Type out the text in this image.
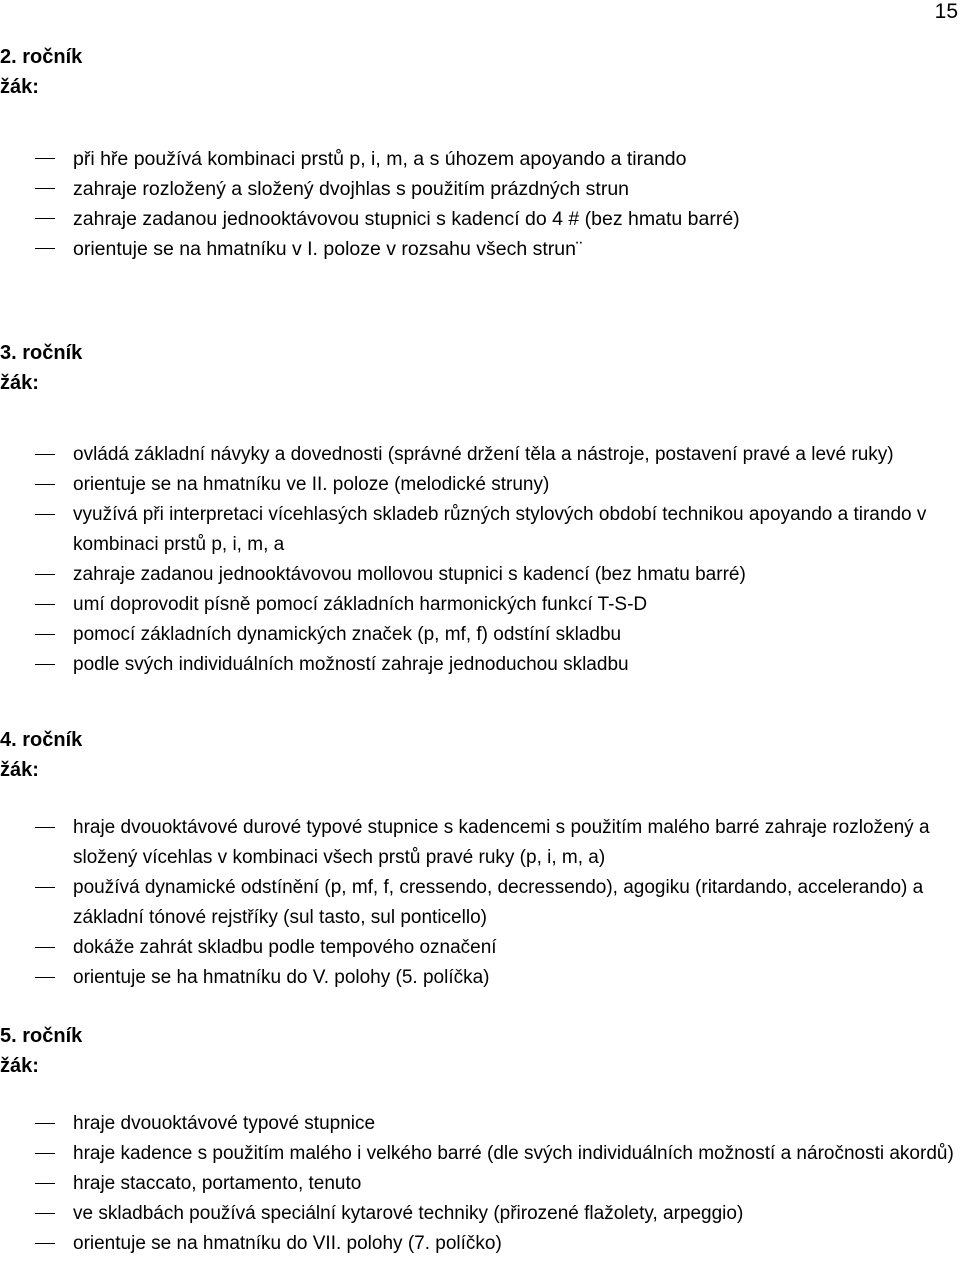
15
2. ročník
žák:
při hře používá kombinaci prstů p, i, m, a s úhozem apoyando a tirando
zahraje rozložený a složený dvojhlas s použitím prázdných strun
zahraje zadanou jednooktávovou stupnici s kadencí do 4 # (bez hmatu barré)
orientuje se na hmatníku v I. poloze v rozsahu všech strun¨
3. ročník
žák:
ovládá základní návyky a dovednosti (správné držení těla a nástroje, postavení pravé a levé ruky)
orientuje se na hmatníku ve II. poloze (melodické struny)
využívá při interpretaci vícehlasých skladeb různých stylových období technikou apoyando a tirando v kombinaci prstů p, i, m, a
zahraje zadanou jednooktávovou mollovou stupnici s kadencí (bez hmatu barré)
umí doprovodit písně pomocí základních harmonických funkcí T-S-D
pomocí základních dynamických značek (p, mf, f) odstíní skladbu
podle svých individuálních možností zahraje jednoduchou skladbu
4. ročník
žák:
hraje dvouoktávové durové typové stupnice s kadencemi s použitím malého barré zahraje rozložený a složený vícehlas v kombinaci všech prstů pravé ruky (p, i, m, a)
používá dynamické odstínění (p, mf, f, cressendo, decressendo), agogiku (ritardando, accelerando) a základní tónové rejstříky (sul tasto, sul ponticello)
dokáže zahrát skladbu podle tempového označení
orientuje se ha hmatníku do V. polohy (5. políčka)
5. ročník
žák:
hraje dvouoktávové typové stupnice
hraje kadence s použitím malého i velkého barré (dle svých individuálních možností a náročnosti akordů)
hraje staccato, portamento, tenuto
ve skladbách používá speciální kytarové techniky (přirozené flažolety, arpeggio)
orientuje se na hmatníku do VII. polohy (7. políčko)
